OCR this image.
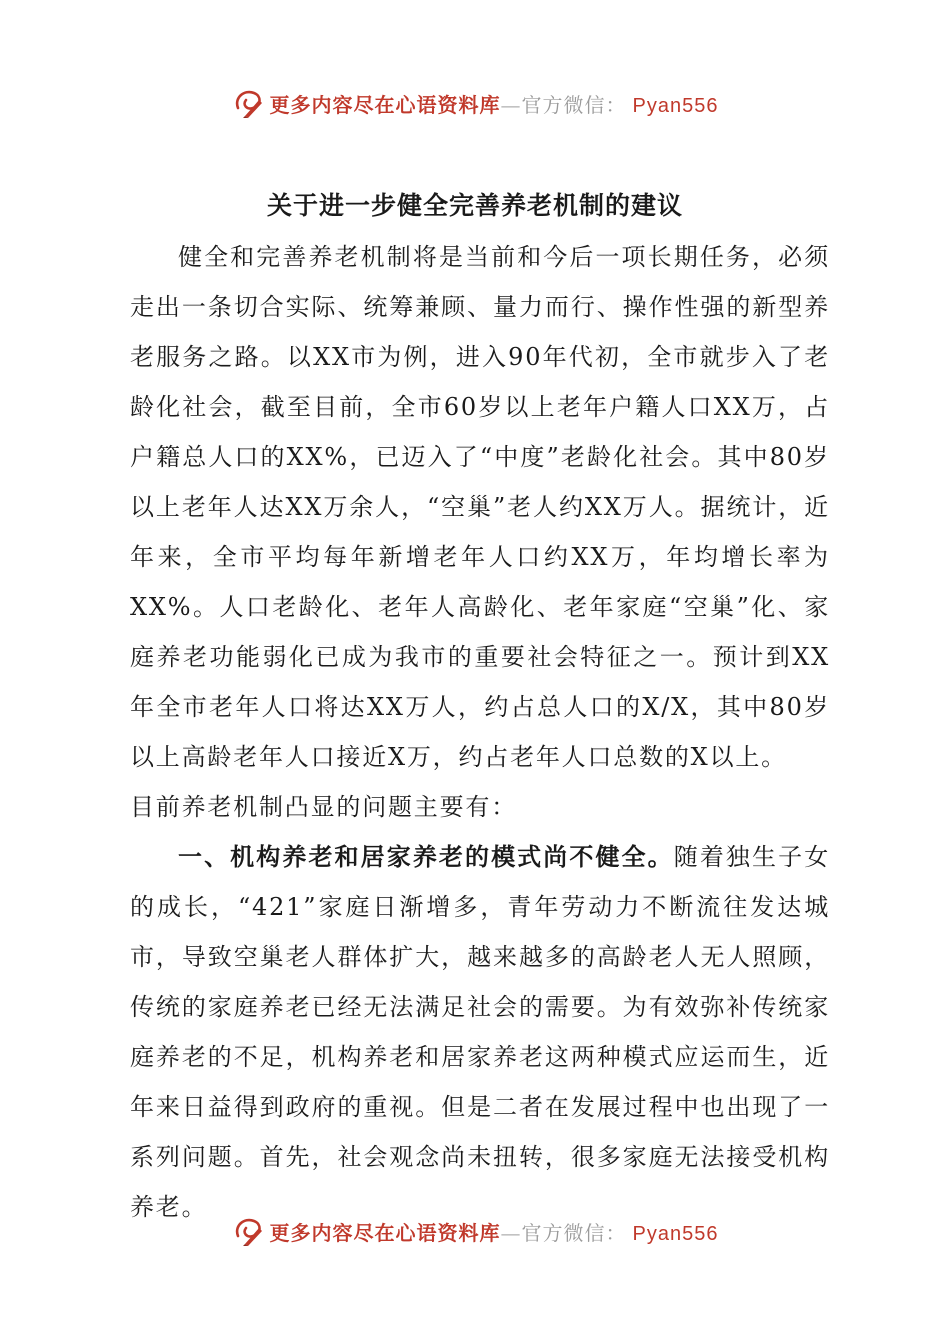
更多内容尽在心语资料库—官方微信： Pyan556
关于进一步健全完善养老机制的建议

健全和完善养老机制将是当前和今后一项长期任务，必须走出一条切合实际、统筹兼顾、量力而行、操作性强的新型养老服务之路。以XX市为例，进入90年代初，全市就步入了老龄化社会，截至目前，全市60岁以上老年户籍人口XX万，占户籍总人口的XX%，已迈入了“中度”老龄化社会。其中80岁以上老年人达XX万余人，“空巢”老人约XX万人。据统计，近年来，全市平均每年新增老年人口约XX万，年均增长率为XX%。人口老龄化、老年人高龄化、老年家庭“空巢”化、家庭养老功能弱化已成为我市的重要社会特征之一。预计到XX年全市老年人口将达XX万人，约占总人口的X/X，其中80岁以上高龄老年人口接近X万，约占老年人口总数的X以上。

目前养老机制凸显的问题主要有：

一、机构养老和居家养老的模式尚不健全。随着独生子女的成长，“421”家庭日渐增多，青年劳动力不断流往发达城市，导致空巢老人群体扩大，越来越多的高龄老人无人照顾，传统的家庭养老已经无法满足社会的需要。为有效弥补传统家庭养老的不足，机构养老和居家养老这两种模式应运而生，近年来日益得到政府的重视。但是二者在发展过程中也出现了一系列问题。首先，社会观念尚未扭转，很多家庭无法接受机构养老。

更多内容尽在心语资料库—官方微信： Pyan556
